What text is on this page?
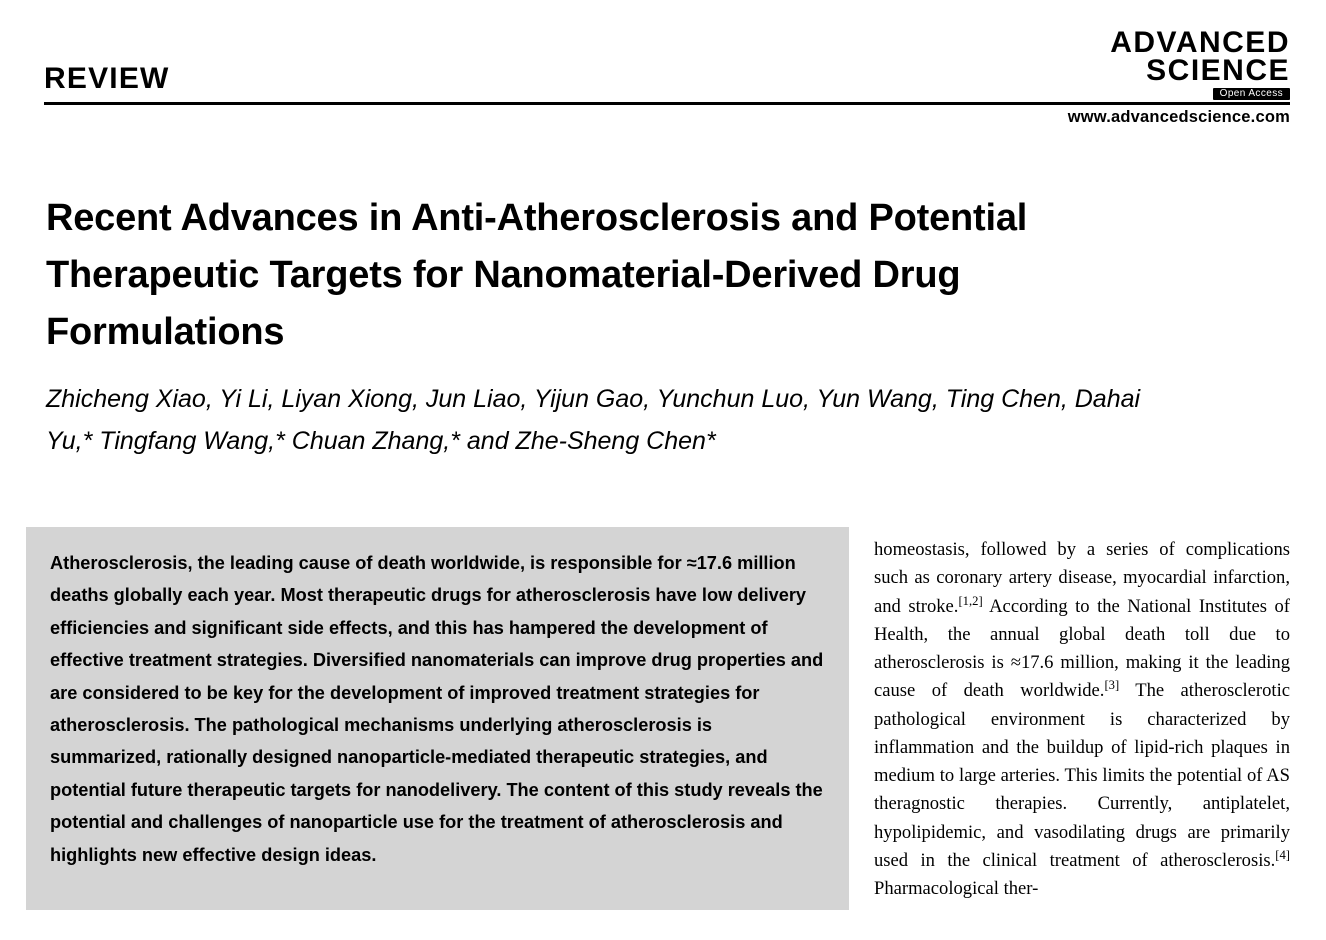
REVIEW
ADVANCED
SCIENCE
Open Access
www.advancedscience.com
Recent Advances in Anti-Atherosclerosis and Potential Therapeutic Targets for Nanomaterial-Derived Drug Formulations
Zhicheng Xiao, Yi Li, Liyan Xiong, Jun Liao, Yijun Gao, Yunchun Luo, Yun Wang, Ting Chen, Dahai Yu,* Tingfang Wang,* Chuan Zhang,* and Zhe-Sheng Chen*
Atherosclerosis, the leading cause of death worldwide, is responsible for ≈17.6 million deaths globally each year. Most therapeutic drugs for atherosclerosis have low delivery efficiencies and significant side effects, and this has hampered the development of effective treatment strategies. Diversified nanomaterials can improve drug properties and are considered to be key for the development of improved treatment strategies for atherosclerosis. The pathological mechanisms underlying atherosclerosis is summarized, rationally designed nanoparticle-mediated therapeutic strategies, and potential future therapeutic targets for nanodelivery. The content of this study reveals the potential and challenges of nanoparticle use for the treatment of atherosclerosis and highlights new effective design ideas.

homeostasis, followed by a series of complications such as coronary artery disease, myocardial infarction, and stroke.[1,2] According to the National Institutes of Health, the annual global death toll due to atherosclerosis is ≈17.6 million, making it the leading cause of death worldwide.[3] The atherosclerotic pathological environment is characterized by inflammation and the buildup of lipid-rich plaques in medium to large arteries. This limits the potential of AS theragnostic therapies. Currently, antiplatelet, hypolipidemic, and vasodilating drugs are primarily used in the clinical treatment of atherosclerosis.[4] Pharmacological ther-
